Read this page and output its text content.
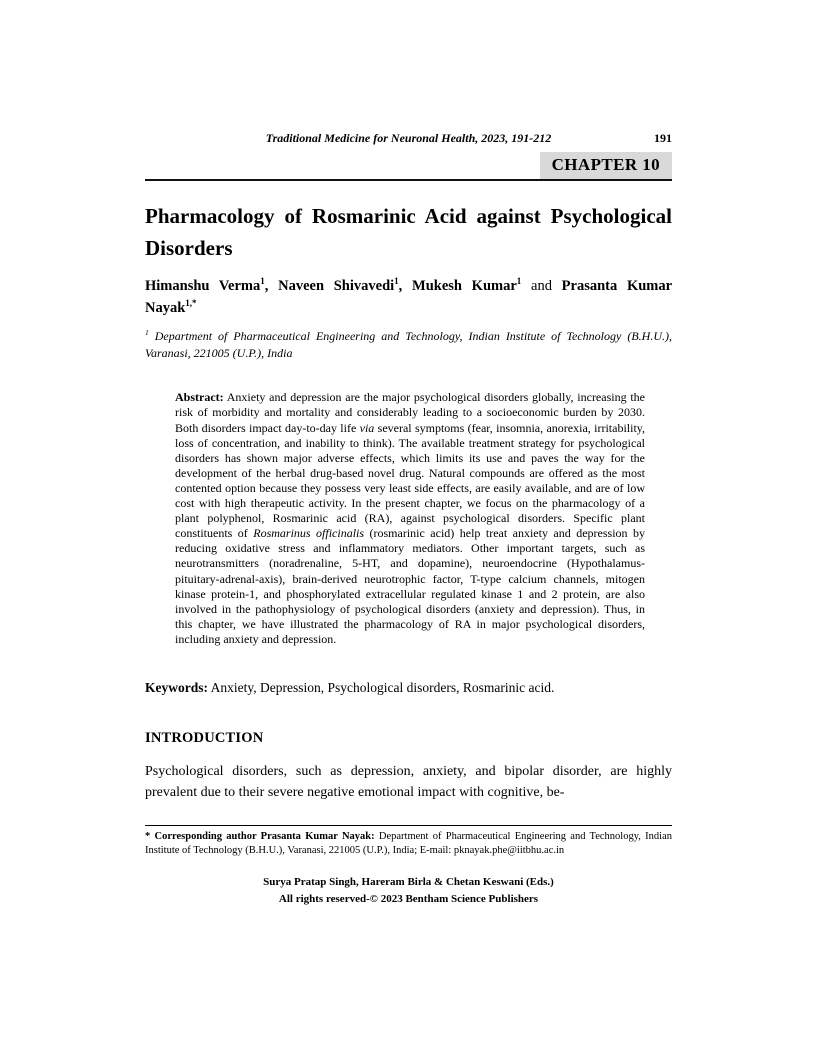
Traditional Medicine for Neuronal Health, 2023, 191-212	191
CHAPTER 10
Pharmacology of Rosmarinic Acid against Psychological Disorders
Himanshu Verma$^1$, Naveen Shivavedi$^1$, Mukesh Kumar$^1$ and Prasanta Kumar Nayak$^{1,*}$
$^1$ Department of Pharmaceutical Engineering and Technology, Indian Institute of Technology (B.H.U.), Varanasi, 221005 (U.P.), India
Abstract: Anxiety and depression are the major psychological disorders globally, increasing the risk of morbidity and mortality and considerably leading to a socioeconomic burden by 2030. Both disorders impact day-to-day life via several symptoms (fear, insomnia, anorexia, irritability, loss of concentration, and inability to think). The available treatment strategy for psychological disorders has shown major adverse effects, which limits its use and paves the way for the development of the herbal drug-based novel drug. Natural compounds are offered as the most contented option because they possess very least side effects, are easily available, and are of low cost with high therapeutic activity. In the present chapter, we focus on the pharmacology of a plant polyphenol, Rosmarinic acid (RA), against psychological disorders. Specific plant constituents of Rosmarinus officinalis (rosmarinic acid) help treat anxiety and depression by reducing oxidative stress and inflammatory mediators. Other important targets, such as neurotransmitters (noradrenaline, 5-HT, and dopamine), neuroendocrine (Hypothalamus-pituitary-adrenal-axis), brain-derived neurotrophic factor, T-type calcium channels, mitogen kinase protein-1, and phosphorylated extracellular regulated kinase 1 and 2 protein, are also involved in the pathophysiology of psychological disorders (anxiety and depression). Thus, in this chapter, we have illustrated the pharmacology of RA in major psychological disorders, including anxiety and depression.
Keywords: Anxiety, Depression, Psychological disorders, Rosmarinic acid.
INTRODUCTION

Psychological disorders, such as depression, anxiety, and bipolar disorder, are highly prevalent due to their severe negative emotional impact with cognitive, be-

* Corresponding author Prasanta Kumar Nayak: Department of Pharmaceutical Engineering and Technology, Indian Institute of Technology (B.H.U.), Varanasi, 221005 (U.P.), India; E-mail: pknayak.phe@iitbhu.ac.in
Surya Pratap Singh, Hareram Birla & Chetan Keswani (Eds.)
All rights reserved-© 2023 Bentham Science Publishers
